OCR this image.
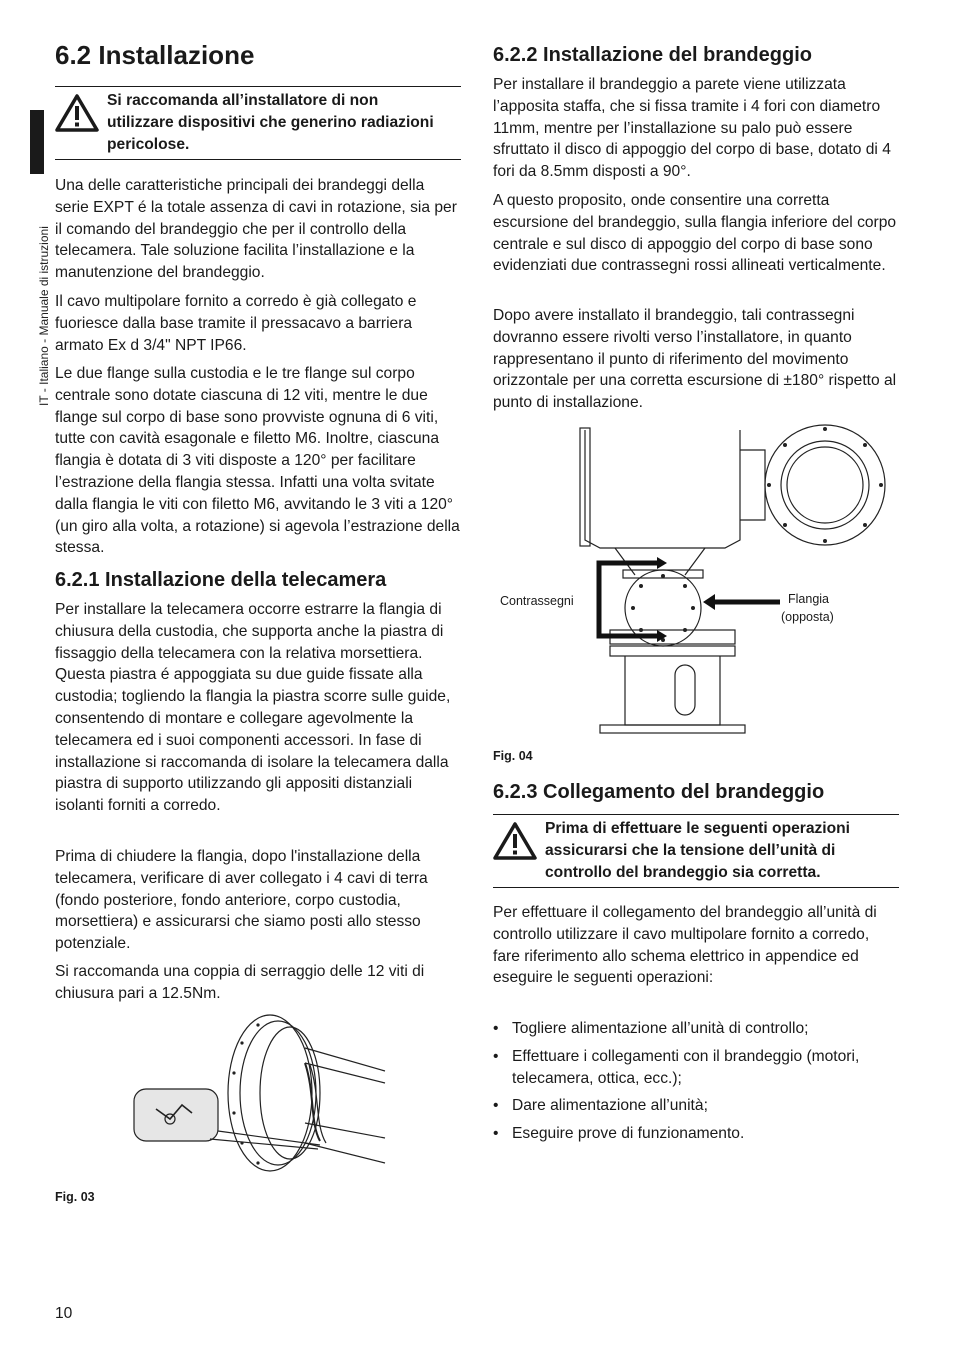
IT - Italiano - Manuale di istruzioni
6.2 Installazione
Si raccomanda all’installatore di non utilizzare dispositivi che generino radiazioni pericolose.

Una delle caratteristiche principali dei brandeggi della serie EXPT é la totale assenza di cavi in rotazione, sia per il comando del brandeggio che per il controllo della telecamera. Tale soluzione facilita l’installazione e la manutenzione del brandeggio.

Il cavo multipolare fornito a corredo è già collegato e fuoriesce dalla base tramite il pressacavo a barriera armato Ex d 3/4" NPT IP66.

Le due flange sulla custodia e le tre flange sul corpo centrale sono dotate ciascuna di 12 viti, mentre le due flange sul corpo di base sono provviste ognuna di 6 viti, tutte con cavità esagonale e filetto M6. Inoltre, ciascuna flangia è dotata di 3 viti disposte a 120° per facilitare l’estrazione della flangia stessa. Infatti una volta svitate dalla flangia le viti con filetto M6, avvitando le 3 viti a 120° (un giro alla volta, a rotazione) si agevola l’estrazione della stessa.

6.2.1 Installazione della telecamera

Per installare la telecamera occorre estrarre la flangia di chiusura della custodia, che supporta anche la piastra di fissaggio della telecamera con la relativa morsettiera. Questa piastra é appoggiata su due guide fissate alla custodia; togliendo la flangia la piastra scorre sulle guide, consentendo di montare e collegare agevolmente la telecamera ed i suoi componenti accessori. In fase di installazione si raccomanda di isolare la telecamera dalla piastra di supporto utilizzando gli appositi distanziali isolanti forniti a corredo.

Prima di chiudere la flangia, dopo l'installazione della telecamera, verificare di aver collegato i 4 cavi di terra (fondo posteriore, fondo anteriore, corpo custodia, morsettiera) e assicurarsi che siamo posti allo stesso potenziale.

Si raccomanda una coppia di serraggio delle 12 viti di chiusura pari a 12.5Nm.

Fig. 03
6.2.2 Installazione del brandeggio

Per installare il brandeggio a parete viene utilizzata l’apposita staffa, che si fissa tramite i 4 fori con diametro 11mm, mentre per l’installazione su palo può essere sfruttato il disco di appoggio del corpo di base, dotato di 4 fori da 8.5mm disposti a 90°.

A questo proposito, onde consentire una corretta escursione del brandeggio, sulla flangia inferiore del corpo centrale e sul disco di appoggio del corpo di base sono evidenziati due contrassegni rossi allineati verticalmente.

Dopo avere installato il brandeggio, tali contrassegni dovranno essere rivolti verso l’installatore, in quanto rappresentano il punto di riferimento del movimento orizzontale per una corretta escursione di ±180° rispetto al punto di installazione.

Contrassegni	Flangia
(opposta)
Fig. 04
6.2.3 Collegamento del brandeggio
Prima di effettuare le seguenti operazioni assicurarsi che la tensione dell’unità di controllo del brandeggio sia corretta.

Per effettuare il collegamento del brandeggio all’unità di controllo utilizzare il cavo multipolare fornito a corredo, fare riferimento allo schema elettrico in appendice ed eseguire le seguenti operazioni:

• Togliere alimentazione all’unità di controllo;
• Effettuare i collegamenti con il brandeggio (motori, telecamera, ottica, ecc.);
• Dare alimentazione all’unità;
• Eseguire prove di funzionamento.
10
